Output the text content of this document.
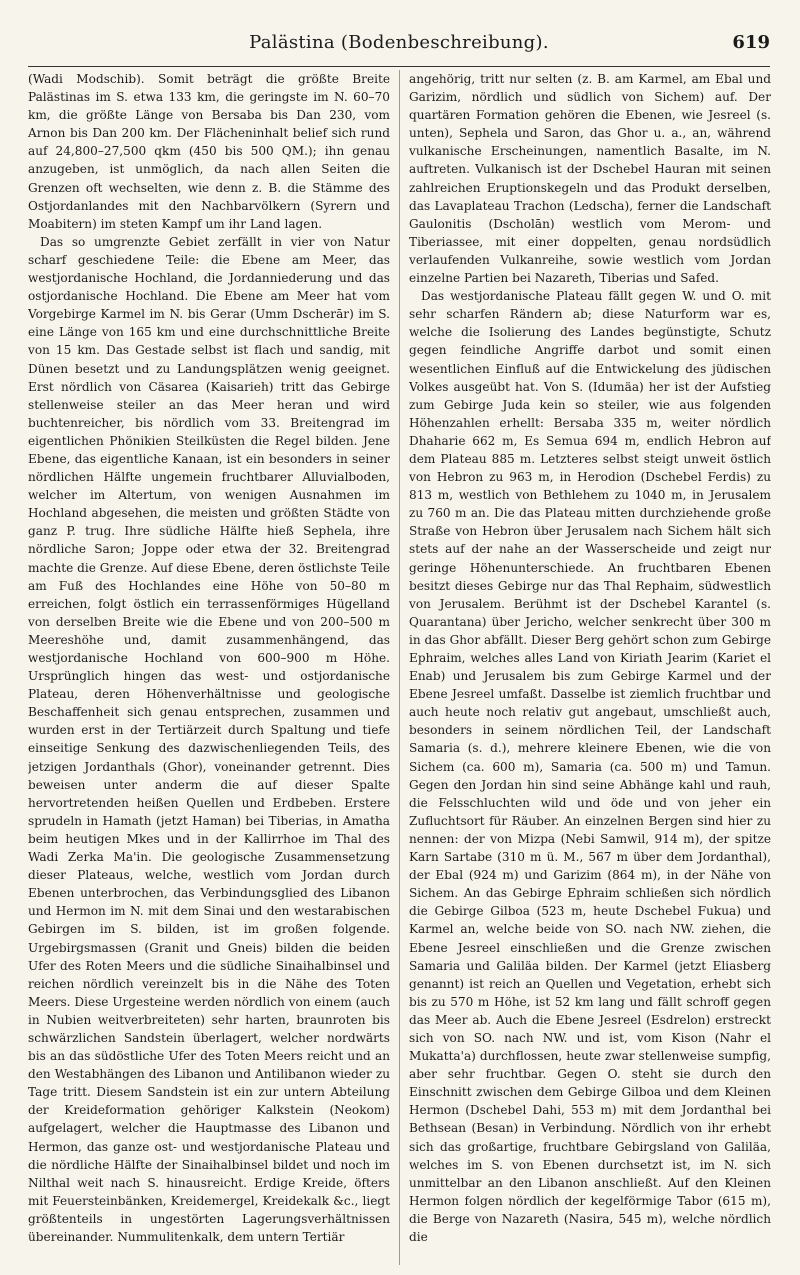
Palästina (Bodenbeschreibung).	619

(Wadi Modschib). Somit beträgt die größte Breite Palästinas im S. etwa 133 km, die geringste im N. 60–70 km, die größte Länge von Bersaba bis Dan 230, vom Arnon bis Dan 200 km. Der Flächeninhalt belief sich rund auf 24,800–27,500 qkm (450 bis 500 QM.); ihn genau anzugeben, ist unmöglich, da nach allen Seiten die Grenzen oft wechselten, wie denn z. B. die Stämme des Ostjordanlandes mit den Nachbarvölkern (Syrern und Moabitern) im steten Kampf um ihr Land lagen.

Das so umgrenzte Gebiet zerfällt in vier von Natur scharf geschiedene Teile: die Ebene am Meer, das westjordanische Hochland, die Jordanniederung und das ostjordanische Hochland. Die Ebene am Meer hat vom Vorgebirge Karmel im N. bis Gerar (Umm Dscherār) im S. eine Länge von 165 km und eine durchschnittliche Breite von 15 km. Das Gestade selbst ist flach und sandig, mit Dünen besetzt und zu Landungsplätzen wenig geeignet. Erst nördlich von Cäsarea (Kaisarieh) tritt das Gebirge stellenweise steiler an das Meer heran und wird buchtenreicher, bis nördlich vom 33. Breitengrad im eigentlichen Phönikien Steilküsten die Regel bilden. Jene Ebene, das eigentliche Kanaan, ist ein besonders in seiner nördlichen Hälfte ungemein fruchtbarer Alluvialboden, welcher im Altertum, von wenigen Ausnahmen im Hochland abgesehen, die meisten und größten Städte von ganz P. trug. Ihre südliche Hälfte hieß Sephela, ihre nördliche Saron; Joppe oder etwa der 32. Breitengrad machte die Grenze. Auf diese Ebene, deren östlichste Teile am Fuß des Hochlandes eine Höhe von 50–80 m erreichen, folgt östlich ein terrassenförmiges Hügelland von derselben Breite wie die Ebene und von 200–500 m Meereshöhe und, damit zusammenhängend, das westjordanische Hochland von 600–900 m Höhe. Ursprünglich hingen das west- und ostjordanische Plateau, deren Höhenverhältnisse und geologische Beschaffenheit sich genau entsprechen, zusammen und wurden erst in der Tertiärzeit durch Spaltung und tiefe einseitige Senkung des dazwischenliegenden Teils, des jetzigen Jordanthals (Ghor), voneinander getrennt. Dies beweisen unter anderm die auf dieser Spalte hervortretenden heißen Quellen und Erdbeben. Erstere sprudeln in Hamath (jetzt Haman) bei Tiberias, in Amatha beim heutigen Mkes und in der Kallirrhoe im Thal des Wadi Zerka Ma'in. Die geologische Zusammensetzung dieser Plateaus, welche, westlich vom Jordan durch Ebenen unterbrochen, das Verbindungsglied des Libanon und Hermon im N. mit dem Sinai und den westarabischen Gebirgen im S. bilden, ist im großen folgende. Urgebirgsmassen (Granit und Gneis) bilden die beiden Ufer des Roten Meers und die südliche Sinaihalbinsel und reichen nördlich vereinzelt bis in die Nähe des Toten Meers. Diese Urgesteine werden nördlich von einem (auch in Nubien weitverbreiteten) sehr harten, braunroten bis schwärzlichen Sandstein überlagert, welcher nordwärts bis an das südöstliche Ufer des Toten Meers reicht und an den Westabhängen des Libanon und Antilibanon wieder zu Tage tritt. Diesem Sandstein ist ein zur untern Abteilung der Kreideformation gehöriger Kalkstein (Neokom) aufgelagert, welcher die Hauptmasse des Libanon und Hermon, das ganze ost- und westjordanische Plateau und die nördliche Hälfte der Sinaihalbinsel bildet und noch im Nilthal weit nach S. hinausreicht. Erdige Kreide, öfters mit Feuersteinbänken, Kreidemergel, Kreidekalk &c., liegt größtenteils in ungestörten Lagerungsverhältnissen übereinander. Nummulitenkalk, dem untern Tertiär

angehörig, tritt nur selten (z. B. am Karmel, am Ebal und Garizim, nördlich und südlich von Sichem) auf. Der quartären Formation gehören die Ebenen, wie Jesreel (s. unten), Sephela und Saron, das Ghor u. a., an, während vulkanische Erscheinungen, namentlich Basalte, im N. auftreten. Vulkanisch ist der Dschebel Hauran mit seinen zahlreichen Eruptionskegeln und das Produkt derselben, das Lavaplateau Trachon (Ledscha), ferner die Landschaft Gaulonitis (Dscholān) westlich vom Merom- und Tiberiassee, mit einer doppelten, genau nordsüdlich verlaufenden Vulkanreihe, sowie westlich vom Jordan einzelne Partien bei Nazareth, Tiberias und Safed.

Das westjordanische Plateau fällt gegen W. und O. mit sehr scharfen Rändern ab; diese Naturform war es, welche die Isolierung des Landes begünstigte, Schutz gegen feindliche Angriffe darbot und somit einen wesentlichen Einfluß auf die Entwickelung des jüdischen Volkes ausgeübt hat. Von S. (Idumäa) her ist der Aufstieg zum Gebirge Juda kein so steiler, wie aus folgenden Höhenzahlen erhellt: Bersaba 335 m, weiter nördlich Dhaharie 662 m, Es Semua 694 m, endlich Hebron auf dem Plateau 885 m. Letzteres selbst steigt unweit östlich von Hebron zu 963 m, in Herodion (Dschebel Ferdis) zu 813 m, westlich von Bethlehem zu 1040 m, in Jerusalem zu 760 m an. Die das Plateau mitten durchziehende große Straße von Hebron über Jerusalem nach Sichem hält sich stets auf der nahe an der Wasserscheide und zeigt nur geringe Höhenunterschiede. An fruchtbaren Ebenen besitzt dieses Gebirge nur das Thal Rephaim, südwestlich von Jerusalem. Berühmt ist der Dschebel Karantel (s. Quarantana) über Jericho, welcher senkrecht über 300 m in das Ghor abfällt. Dieser Berg gehört schon zum Gebirge Ephraim, welches alles Land von Kiriath Jearim (Kariet el Enab) und Jerusalem bis zum Gebirge Karmel und der Ebene Jesreel umfaßt. Dasselbe ist ziemlich fruchtbar und auch heute noch relativ gut angebaut, umschließt auch, besonders in seinem nördlichen Teil, der Landschaft Samaria (s. d.), mehrere kleinere Ebenen, wie die von Sichem (ca. 600 m), Samaria (ca. 500 m) und Tamun. Gegen den Jordan hin sind seine Abhänge kahl und rauh, die Felsschluchten wild und öde und von jeher ein Zufluchtsort für Räuber. An einzelnen Bergen sind hier zu nennen: der von Mizpa (Nebi Samwil, 914 m), der spitze Karn Sartabe (310 m ü. M., 567 m über dem Jordanthal), der Ebal (924 m) und Garizim (864 m), in der Nähe von Sichem. An das Gebirge Ephraim schließen sich nördlich die Gebirge Gilboa (523 m, heute Dschebel Fukua) und Karmel an, welche beide von SO. nach NW. ziehen, die Ebene Jesreel einschließen und die Grenze zwischen Samaria und Galiläa bilden. Der Karmel (jetzt Eliasberg genannt) ist reich an Quellen und Vegetation, erhebt sich bis zu 570 m Höhe, ist 52 km lang und fällt schroff gegen das Meer ab. Auch die Ebene Jesreel (Esdrelon) erstreckt sich von SO. nach NW. und ist, vom Kison (Nahr el Mukatta'a) durchflossen, heute zwar stellenweise sumpfig, aber sehr fruchtbar. Gegen O. steht sie durch den Einschnitt zwischen dem Gebirge Gilboa und dem Kleinen Hermon (Dschebel Dahi, 553 m) mit dem Jordanthal bei Bethsean (Besan) in Verbindung. Nördlich von ihr erhebt sich das großartige, fruchtbare Gebirgsland von Galiläa, welches im S. von Ebenen durchsetzt ist, im N. sich unmittelbar an den Libanon anschließt. Auf den Kleinen Hermon folgen nördlich der kegelförmige Tabor (615 m), die Berge von Nazareth (Nasira, 545 m), welche nördlich die
